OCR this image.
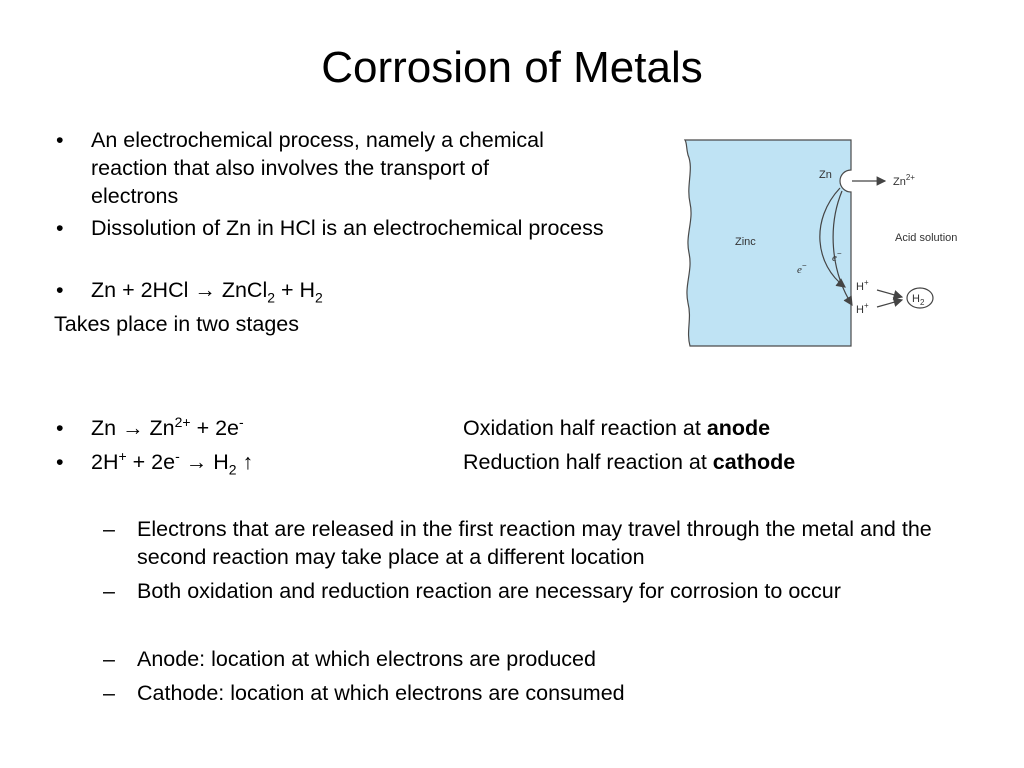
Corrosion of Metals
• An electrochemical process, namely a chemical reaction that also involves the transport of electrons
• Dissolution of Zn in HCl is an electrochemical process
• Zn + 2HCl → ZnCl$_2$ + $H_2$
Takes place in two stages
Zinc
Zn
$Zn^{2+}$
Acid solution
e−
e−
H+
H+
$H_2$
• $Zn \to Zn^{2+} + 2e^-$	Oxidation half reaction at anode
• $2H^+ + 2e^- \to H_2$ ↑	Reduction half reaction at cathode
– Electrons that are released in the first reaction may travel through the metal and the second reaction may take place at a different location
– Both oxidation and reduction reaction are necessary for corrosion to occur
– Anode: location at which electrons are produced
– Cathode: location at which electrons are consumed
